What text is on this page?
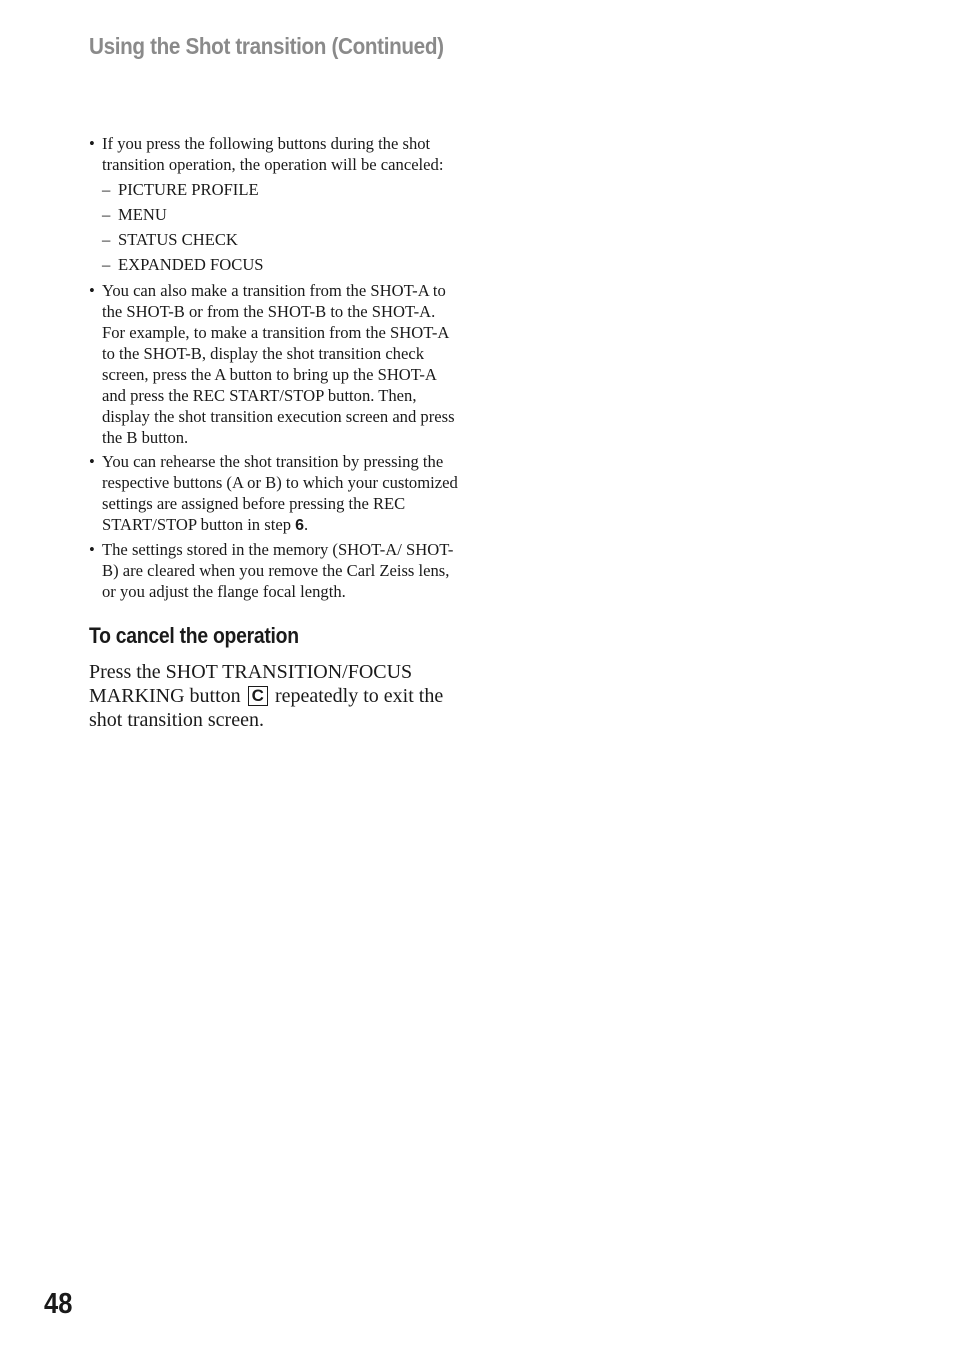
Using the Shot transition (Continued)
• If you press the following buttons during the shot transition operation, the operation will be canceled:
– PICTURE PROFILE
– MENU
– STATUS CHECK
– EXPANDED FOCUS
• You can also make a transition from the SHOT-A to the SHOT-B or from the SHOT-B to the SHOT-A. For example, to make a transition from the SHOT-A to the SHOT-B, display the shot transition check screen, press the A button to bring up the SHOT-A and press the REC START/STOP button. Then, display the shot transition execution screen and press the B button.
• You can rehearse the shot transition by pressing the respective buttons (A or B) to which your customized settings are assigned before pressing the REC START/STOP button in step 6.
• The settings stored in the memory (SHOT-A/ SHOT-B) are cleared when you remove the Carl Zeiss lens, or you adjust the flange focal length.
To cancel the operation

Press the SHOT TRANSITION/FOCUS MARKING button C repeatedly to exit the shot transition screen.

48
